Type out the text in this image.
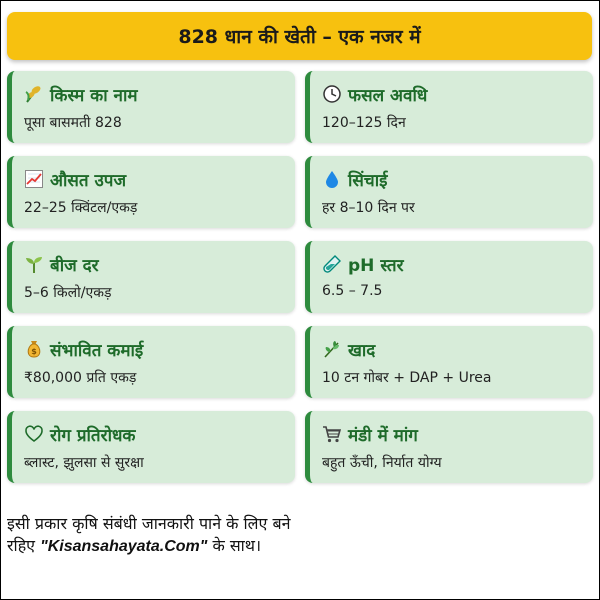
828 धान की खेती – एक नजर में
किस्म का नाम
पूसा बासमती 828
फसल अवधि
120–125 दिन
औसत उपज
22–25 क्विंटल/एकड़
सिंचाई
हर 8–10 दिन पर
बीज दर
5–6 किलो/एकड़
pH स्तर
6.5 – 7.5
$ संभावित कमाई
₹80,000 प्रति एकड़
खाद
10 टन गोबर + DAP + Urea
रोग प्रतिरोधक
ब्लास्ट, झुलसा से सुरक्षा
मंडी में मांग
बहुत ऊँची, निर्यात योग्य
इसी प्रकार कृषि संबंधी जानकारी पाने के लिए बने रहिए "Kisansahayata.Com" के साथ।
